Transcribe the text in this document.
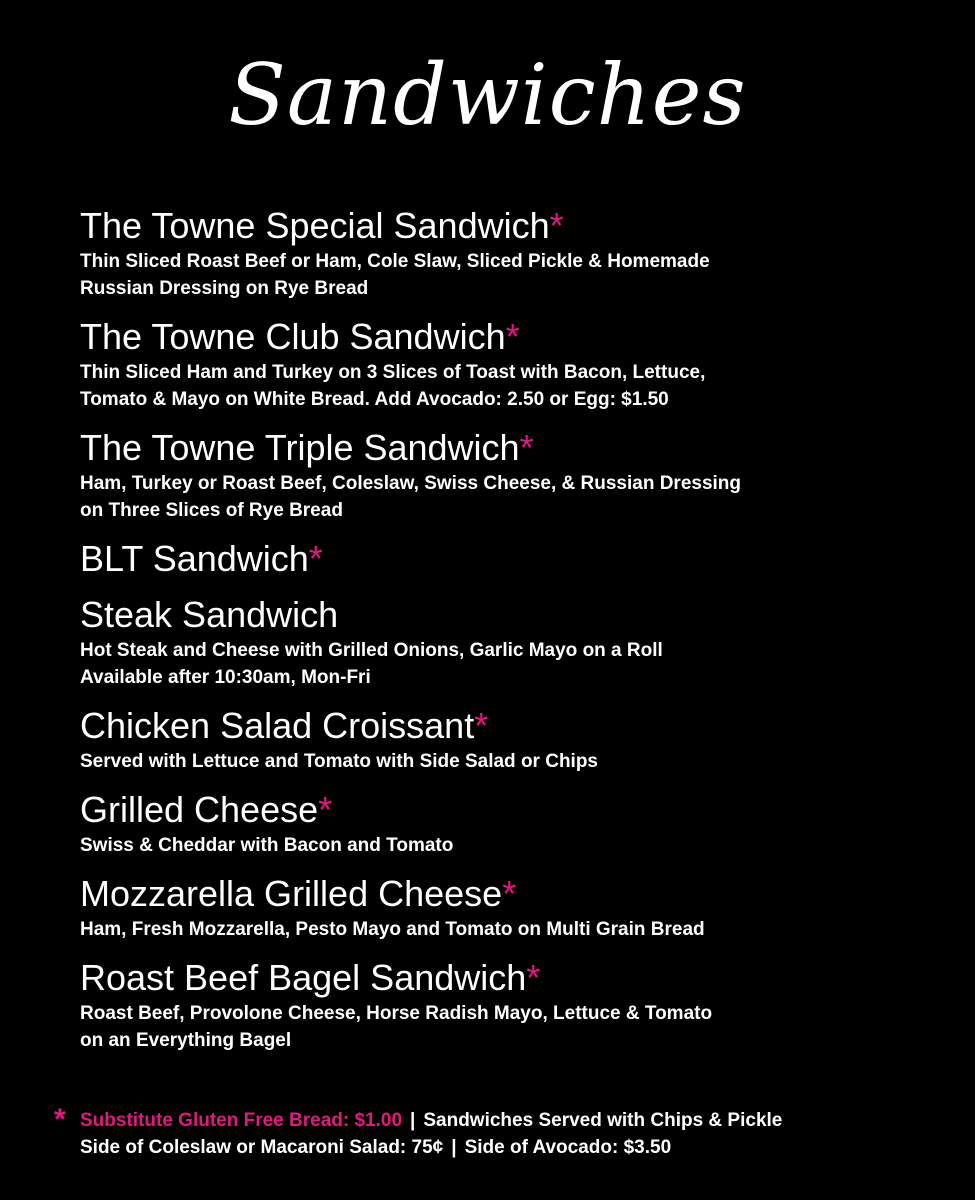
Sandwiches
The Towne Special Sandwich*
Thin Sliced Roast Beef or Ham, Cole Slaw, Sliced Pickle & Homemade
Russian Dressing on Rye Bread
The Towne Club Sandwich*
Thin Sliced Ham and Turkey on 3 Slices of Toast with Bacon, Lettuce,
Tomato & Mayo on White Bread. Add Avocado: 2.50 or Egg: $1.50
The Towne Triple Sandwich*
Ham, Turkey or Roast Beef, Coleslaw, Swiss Cheese, & Russian Dressing
on Three Slices of Rye Bread
BLT Sandwich*
Steak Sandwich
Hot Steak and Cheese with Grilled Onions, Garlic Mayo on a Roll
Available after 10:30am, Mon-Fri
Chicken Salad Croissant*
Served with Lettuce and Tomato with Side Salad or Chips
Grilled Cheese*
Swiss & Cheddar with Bacon and Tomato
Mozzarella Grilled Cheese*
Ham, Fresh Mozzarella, Pesto Mayo and Tomato on Multi Grain Bread
Roast Beef Bagel Sandwich*
Roast Beef, Provolone Cheese, Horse Radish Mayo, Lettuce & Tomato
on an Everything Bagel
* Substitute Gluten Free Bread: $1.00 | Sandwiches Served with Chips & Pickle
Side of Coleslaw or Macaroni Salad: 75¢ | Side of Avocado: $3.50
